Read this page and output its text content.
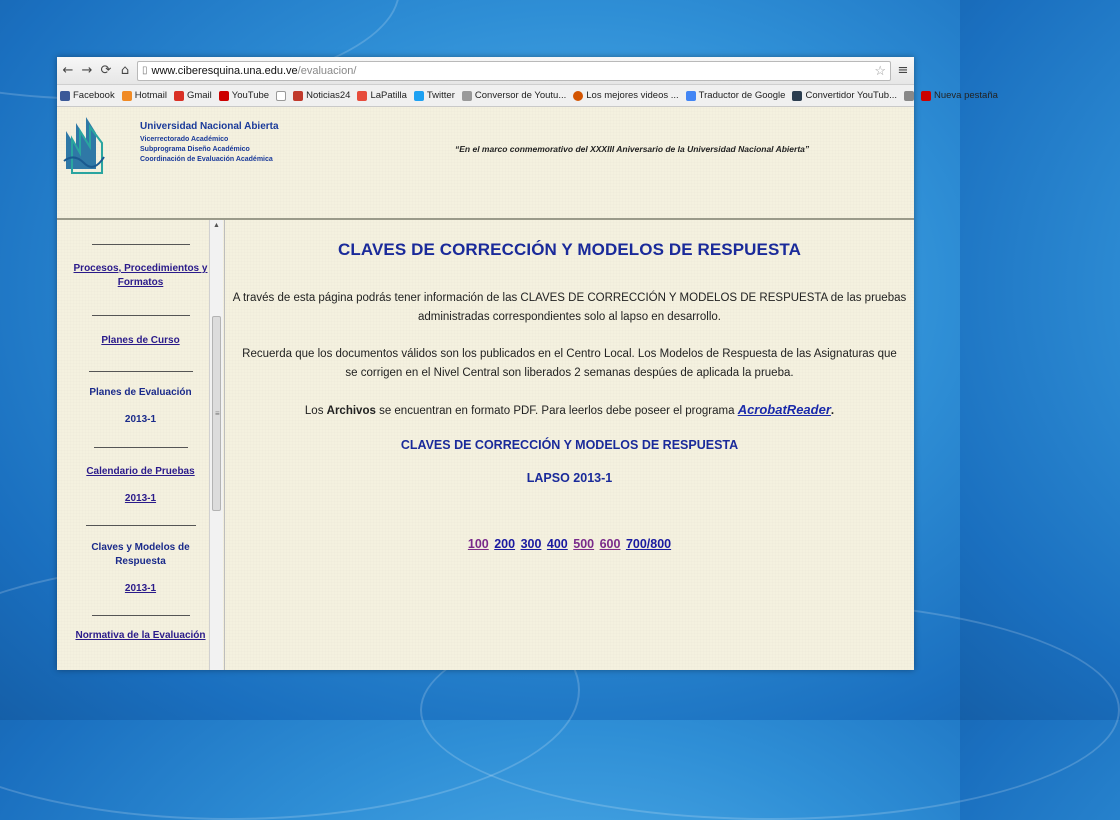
← → ⟳ ⌂ ▯ www.ciberesquina.una.edu.ve /evaluacion/	☆ ≡
Facebook Hotmail Gmail YouTube	Noticias24 LaPatilla Twitter Conversor de Youtu... Los mejores videos ... Traductor de Google Convertidor YouTub...	Nueva pestaña
Universidad Nacional Abierta
Vicerrectorado Académico
Subprograma Diseño Académico
Coordinación de Evaluación Académica
“En el marco conmemorativo del XXXIII Aniversario de la Universidad Nacional Abierta”
Procesos, Procedimientos y
Formatos
Planes de Curso
Planes de Evaluación
2013-1
Calendario de Pruebas
2013-1
Claves y Modelos de
Respuesta
2013-1
Normativa de la Evaluación
▲
≡
CLAVES DE CORRECCIÓN Y MODELOS DE RESPUESTA
A través de esta página podrás tener información de las CLAVES DE CORRECCIÓN Y MODELOS DE RESPUESTA de las pruebas
administradas correspondientes solo al lapso en desarrollo.
Recuerda que los documentos válidos son los publicados en el Centro Local. Los Modelos de Respuesta de las Asignaturas que
se corrigen en el Nivel Central son liberados 2 semanas despúes de aplicada la prueba.
Los Archivos se encuentran en formato PDF. Para leerlos debe poseer el programa AcrobatReader.
CLAVES DE CORRECCIÓN Y MODELOS DE RESPUESTA
LAPSO 2013-1
100 200 300 400 500 600 700/800
